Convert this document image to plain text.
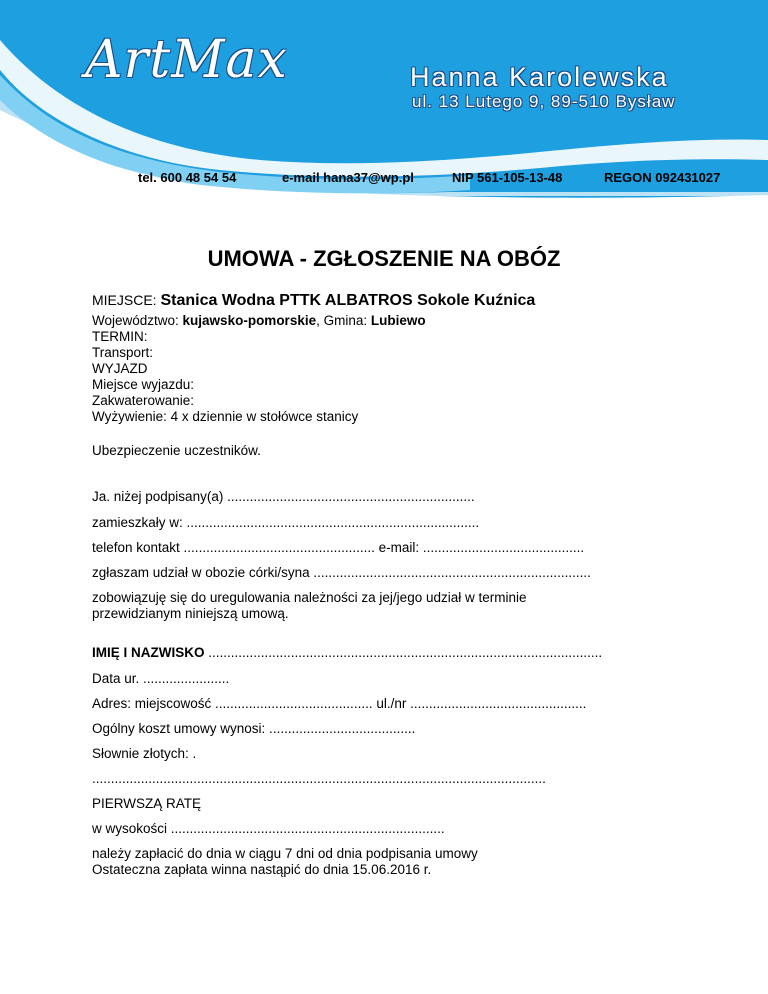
ArtMax	Hanna Karolewska
ul. 13 Lutego 9, 89-510 Bysław
tel. 600 48 54 54	e-mail hana37@wp.pl	NIP 561-105-13-48	REGON 092431027
UMOWA - ZGŁOSZENIE NA OBÓZ
MIEJSCE: Stanica Wodna PTTK ALBATROS Sokole Kuźnica
Województwo: kujawsko-pomorskie, Gmina: Lubiewo
TERMIN:
Transport:
WYJAZD
Miejsce wyjazdu:
Zakwaterowanie:
Wyżywienie: 4 x dziennie w stołówce stanicy
Ubezpieczenie uczestników.
Ja. niżej podpisany(a) ..................................................................
zamieszkały w: ..............................................................................
telefon kontakt ................................................... e-mail: ...........................................
zgłaszam udział w obozie córki/syna ..........................................................................
zobowiązuję się do uregulowania należności za jej/jego udział w terminie
przewidzianym niniejszą umową.
IMIĘ I NAZWISKO .........................................................................................................
Data ur. .......................
Adres: miejscowość .......................................... ul./nr ...............................................
Ogólny koszt umowy wynosi: .......................................
Słownie złotych: .
.........................................................................................................................
PIERWSZĄ RATĘ
w wysokości .........................................................................
należy zapłacić do dnia w ciągu 7 dni od dnia podpisania umowy
Ostateczna zapłata winna nastąpić do dnia 15.06.2016 r.
